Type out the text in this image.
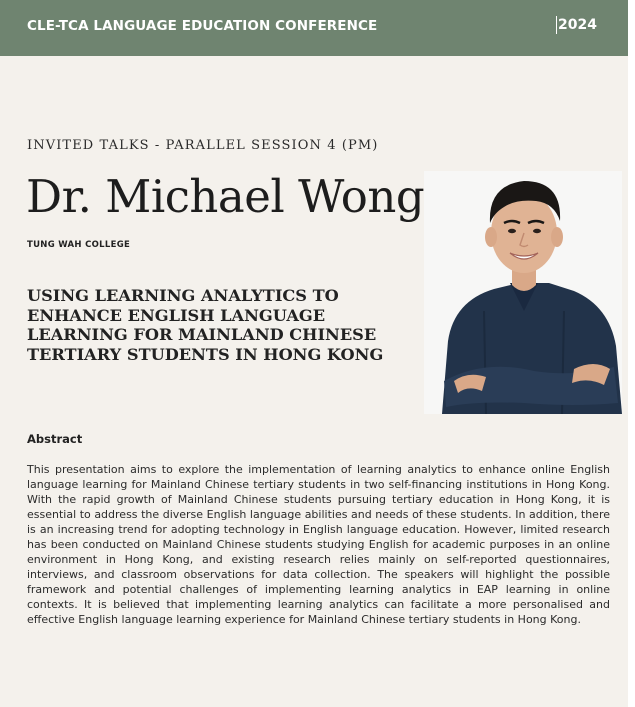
CLE-TCA LANGUAGE EDUCATION CONFERENCE	2024
INVITED TALKS - PARALLEL SESSION 4 (PM)
Dr. Michael Wong
TUNG WAH COLLEGE
USING LEARNING ANALYTICS TO ENHANCE ENGLISH LANGUAGE LEARNING FOR MAINLAND CHINESE TERTIARY STUDENTS IN HONG KONG
Abstract
This presentation aims to explore the implementation of learning analytics to enhance online English language learning for Mainland Chinese tertiary students in two self-financing institutions in Hong Kong. With the rapid growth of Mainland Chinese students pursuing tertiary education in Hong Kong, it is essential to address the diverse English language abilities and needs of these students. In addition, there is an increasing trend for adopting technology in English language education. However, limited research has been conducted on Mainland Chinese students studying English for academic purposes in an online environment in Hong Kong, and existing research relies mainly on self-reported questionnaires, interviews, and classroom observations for data collection. The speakers will highlight the possible framework and potential challenges of implementing learning analytics in EAP learning in online contexts. It is believed that implementing learning analytics can facilitate a more personalised and effective English language learning experience for Mainland Chinese tertiary students in Hong Kong.
